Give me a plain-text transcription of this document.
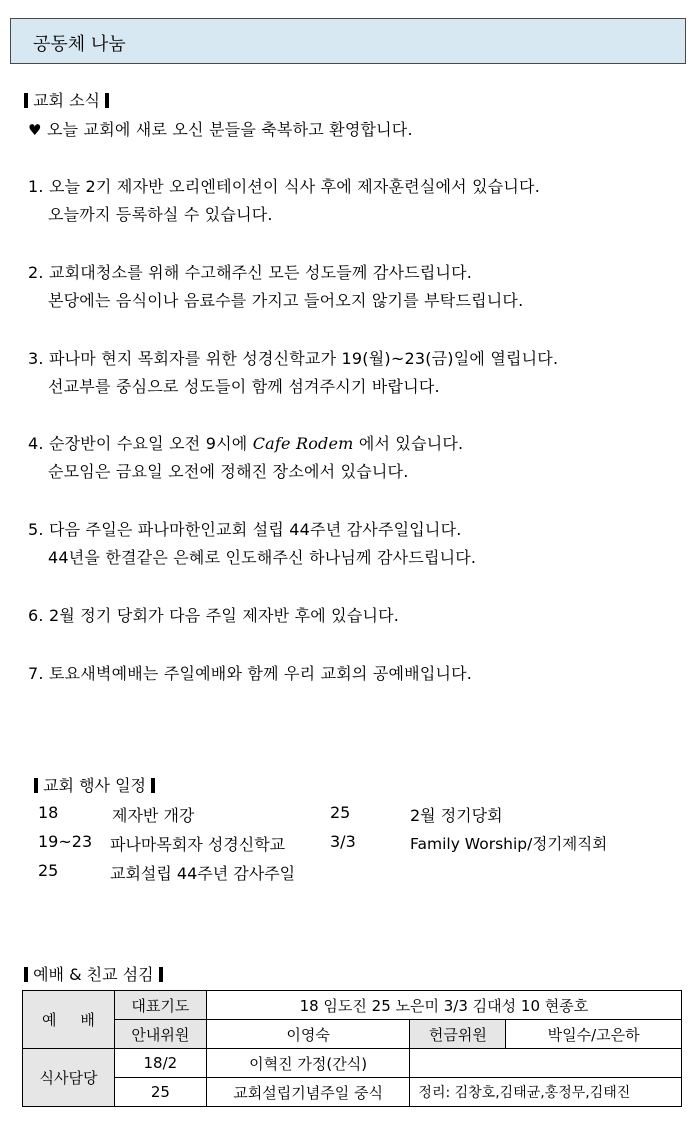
공동체 나눔
교회 소식
♥ 오늘 교회에 새로 오신 분들을 축복하고 환영합니다.
1. 오늘 2기 제자반 오리엔테이션이 식사 후에 제자훈련실에서 있습니다.
오늘까지 등록하실 수 있습니다.
2. 교회대청소를 위해 수고해주신 모든 성도들께 감사드립니다.
본당에는 음식이나 음료수를 가지고 들어오지 않기를 부탁드립니다.
3. 파나마 현지 목회자를 위한 성경신학교가 19(월)~23(금)일에 열립니다.
선교부를 중심으로 성도들이 함께 섬겨주시기 바랍니다.
4. 순장반이 수요일 오전 9시에 Cafe Rodem 에서 있습니다.
순모임은 금요일 오전에 정해진 장소에서 있습니다.
5. 다음 주일은 파나마한인교회 설립 44주년 감사주일입니다.
44년을 한결같은 은혜로 인도해주신 하나님께 감사드립니다.
6. 2월 정기 당회가 다음 주일 제자반 후에 있습니다.
7. 토요새벽예배는 주일예배와 함께 우리 교회의 공예배입니다.
교회 행사 일정
18	제자반 개강	25	2월 정기당회
19~23 파나마목회자 성경신학교	3/3	Family Worship/정기제직회
25	교회설립 44주년 감사주일
예배 & 친교 섬김
예     배	대표기도	18 임도진 25 노은미 3/3 김대성 10 현종호		
	안내위원	이영숙	헌금위원	박일수/고은하
식사담당	18/2	이혁진 가정(간식)		
	25	교회설립기념주일 중식	정리: 김창호,김태균,홍정무,김태진	
